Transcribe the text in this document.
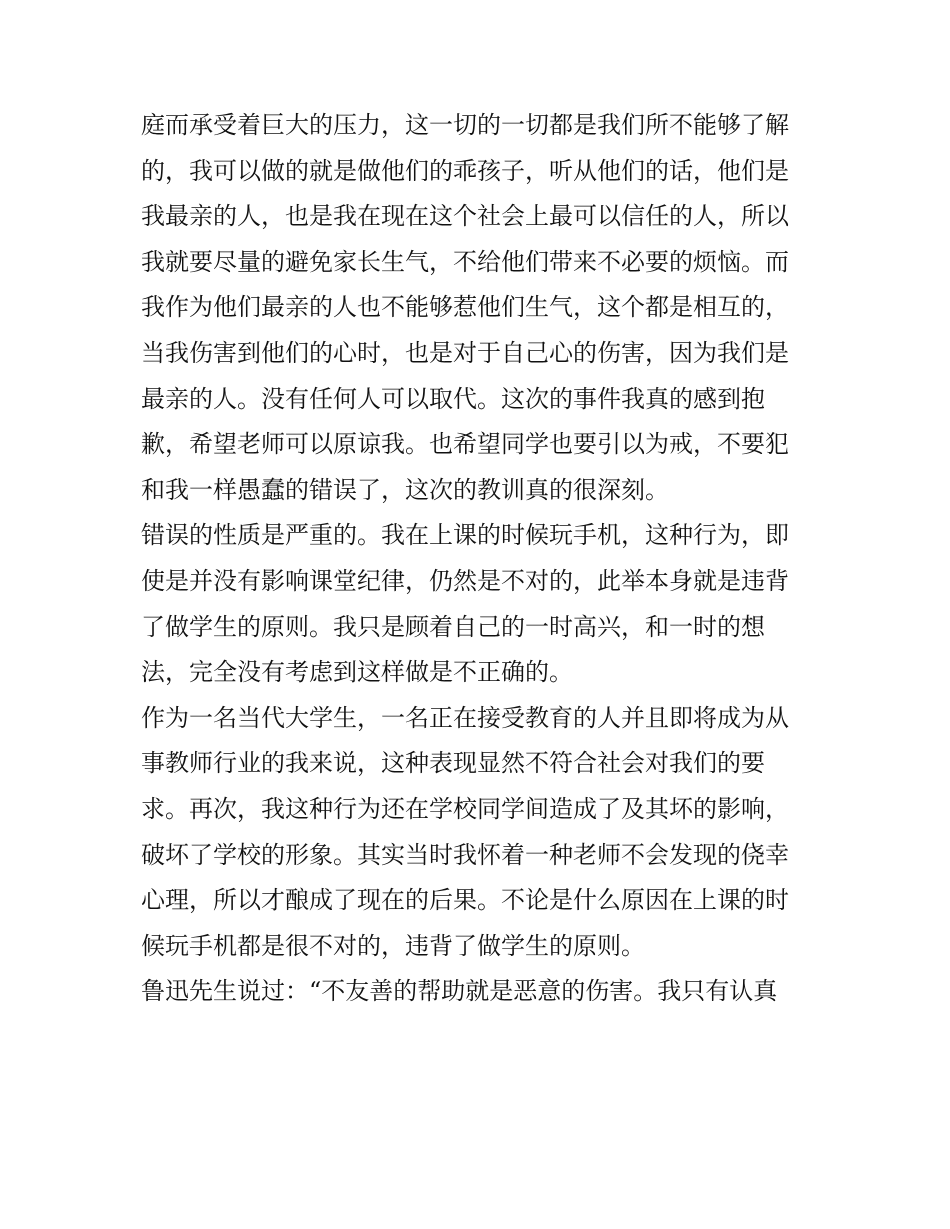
庭而承受着巨大的压力，这一切的一切都是我们所不能够了解
的，我可以做的就是做他们的乖孩子，听从他们的话，他们是
我最亲的人，也是我在现在这个社会上最可以信任的人，所以
我就要尽量的避免家长生气，不给他们带来不必要的烦恼。而
我作为他们最亲的人也不能够惹他们生气，这个都是相互的，
当我伤害到他们的心时，也是对于自己心的伤害，因为我们是
最亲的人。没有任何人可以取代。这次的事件我真的感到抱
歉，希望老师可以原谅我。也希望同学也要引以为戒，不要犯
和我一样愚蠢的错误了，这次的教训真的很深刻。
错误的性质是严重的。我在上课的时候玩手机，这种行为，即
使是并没有影响课堂纪律，仍然是不对的，此举本身就是违背
了做学生的原则。我只是顾着自己的一时高兴，和一时的想
法，完全没有考虑到这样做是不正确的。
作为一名当代大学生，一名正在接受教育的人并且即将成为从
事教师行业的我来说，这种表现显然不符合社会对我们的要
求。再次，我这种行为还在学校同学间造成了及其坏的影响，
破坏了学校的形象。其实当时我怀着一种老师不会发现的侥幸
心理，所以才酿成了现在的后果。不论是什么原因在上课的时
候玩手机都是很不对的，违背了做学生的原则。
鲁迅先生说过：“不友善的帮助就是恶意的伤害。我只有认真
